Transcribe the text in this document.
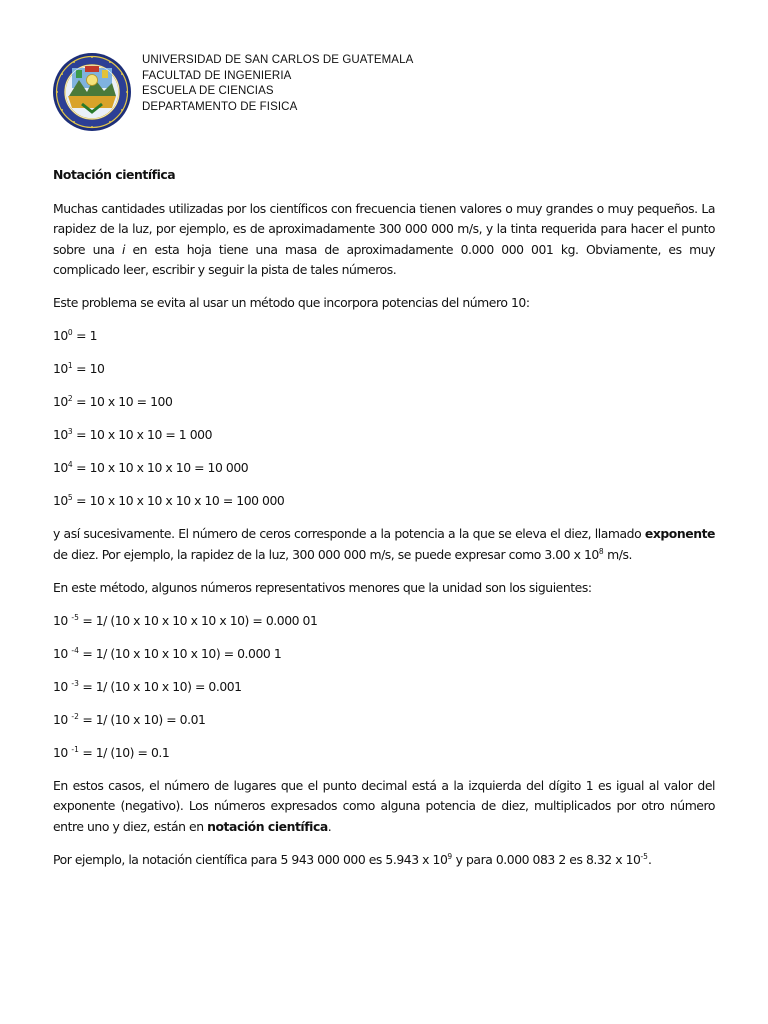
UNIVERSIDAD DE SAN CARLOS DE GUATEMALA
FACULTAD DE INGENIERIA
ESCUELA DE CIENCIAS
DEPARTAMENTO DE FISICA

Notación científica

Muchas cantidades utilizadas por los científicos con frecuencia tienen valores o muy grandes o muy pequeños. La rapidez de la luz, por ejemplo, es de aproximadamente 300 000 000 m/s, y la tinta requerida para hacer el punto sobre una i en esta hoja tiene una masa de aproximadamente 0.000 000 001 kg. Obviamente, es muy complicado leer, escribir y seguir la pista de tales números.

Este problema se evita al usar un método que incorpora potencias del número 10:

$10^0 = 1$

$10^1 = 10$

$10^2 = 10$ x 10 = 100

$10^3 = 10$ x 10 x 10 = 1 000

$10^4 = 10$ x 10 x 10 x 10 = 10 000

$10^5 = 10$ x 10 x 10 x 10 x 10 = 100 000

y así sucesivamente. El número de ceros corresponde a la potencia a la que se eleva el diez, llamado exponente de diez. Por ejemplo, la rapidez de la luz, 300 000 000 m/s, se puede expresar como 3.00 x $10^8$ m/s.

En este método, algunos números representativos menores que la unidad son los siguientes:

10 $^{-5}$ = 1/ (10 x 10 x 10 x 10 x 10) = 0.000 01

10 $^{-4}$ = 1/ (10 x 10 x 10 x 10) = 0.000 1

10 $^{-3}$ = 1/ (10 x 10 x 10) = 0.001

10 $^{-2}$ = 1/ (10 x 10) = 0.01

10 $^{-1}$ = 1/ (10) = 0.1

En estos casos, el número de lugares que el punto decimal está a la izquierda del dígito 1 es igual al valor del exponente (negativo). Los números expresados como alguna potencia de diez, multiplicados por otro número entre uno y diez, están en notación científica.

Por ejemplo, la notación científica para 5 943 000 000 es 5.943 x $10^9$ y para 0.000 083 2 es 8.32 x $10^{-5}$.
